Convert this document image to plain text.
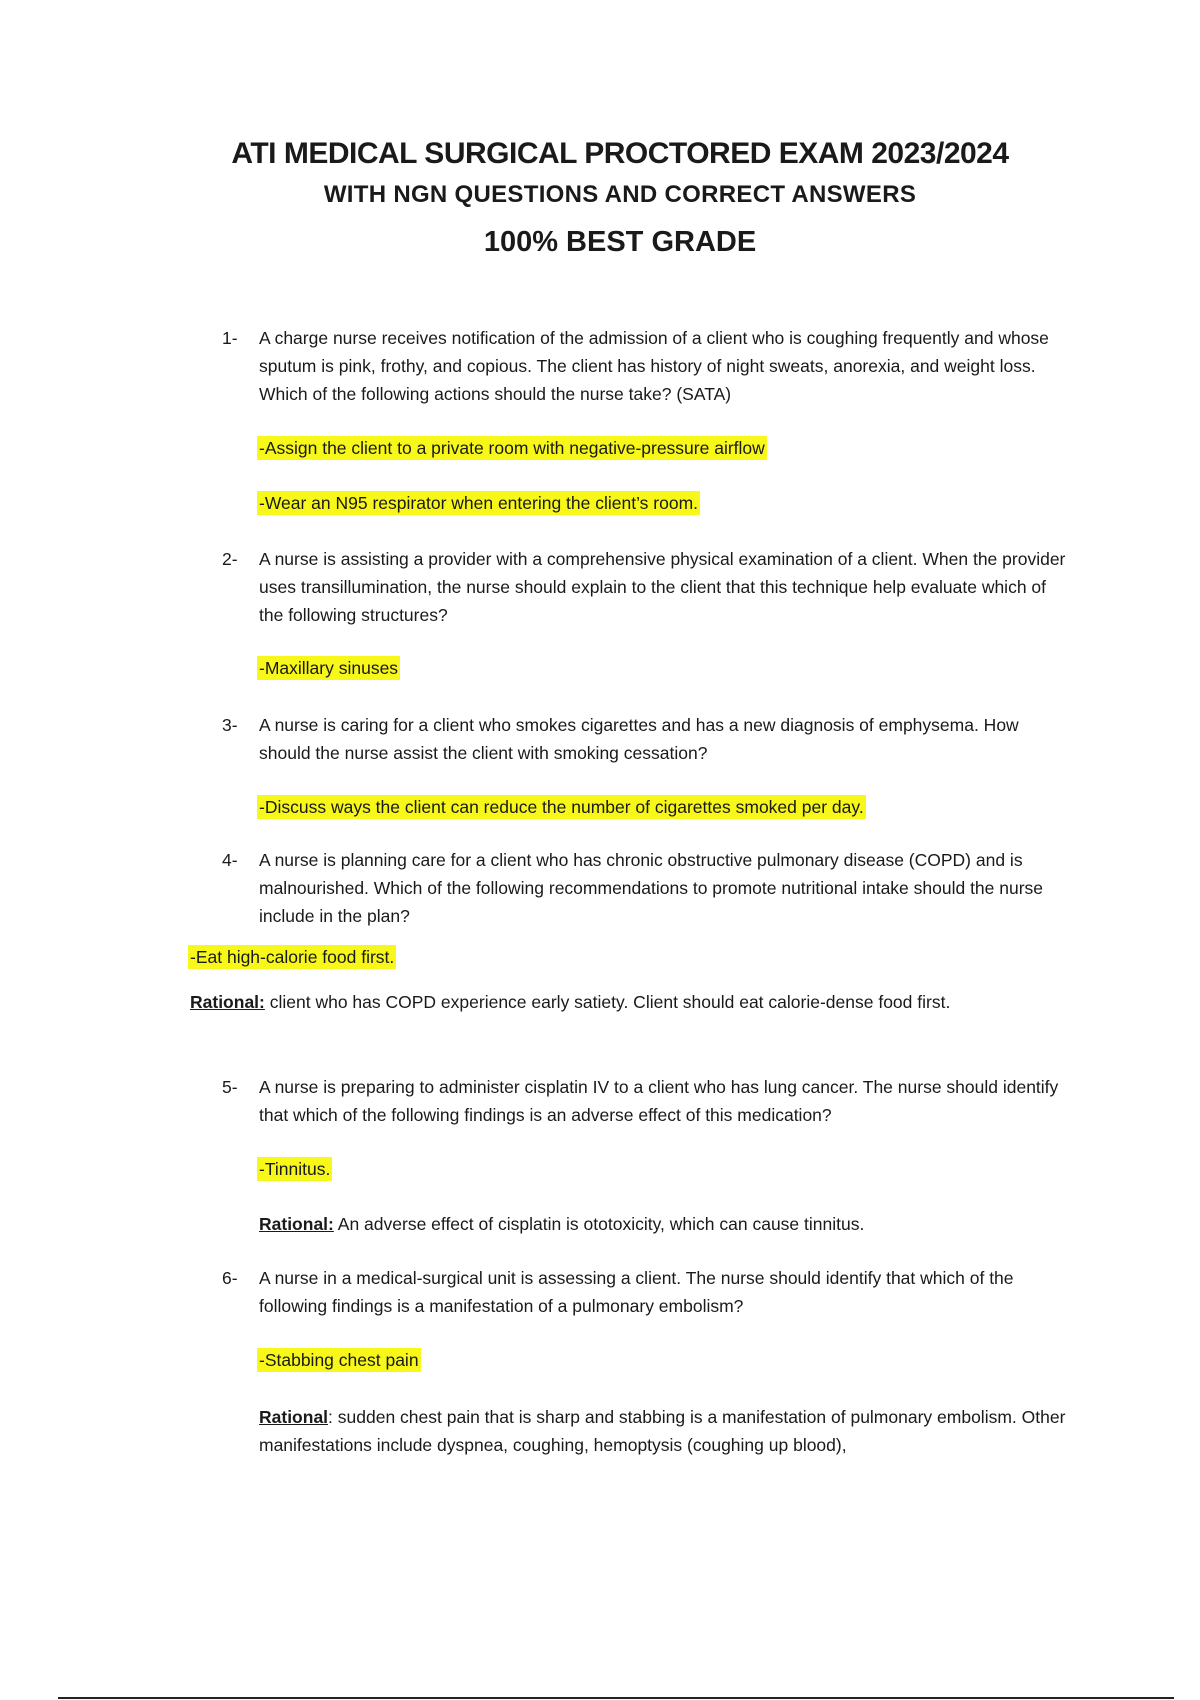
ATI MEDICAL SURGICAL PROCTORED EXAM 2023/2024
WITH NGN QUESTIONS AND CORRECT ANSWERS
100% BEST GRADE
1- A charge nurse receives notification of the admission of a client who is coughing frequently and whose sputum is pink, frothy, and copious. The client has history of night sweats, anorexia, and weight loss. Which of the following actions should the nurse take? (SATA)
-Assign the client to a private room with negative-pressure airflow
-Wear an N95 respirator when entering the client’s room.
2- A nurse is assisting a provider with a comprehensive physical examination of a client. When the provider uses transillumination, the nurse should explain to the client that this technique help evaluate which of the following structures?
-Maxillary sinuses
3- A nurse is caring for a client who smokes cigarettes and has a new diagnosis of emphysema. How should the nurse assist the client with smoking cessation?
-Discuss ways the client can reduce the number of cigarettes smoked per day.
4- A nurse is planning care for a client who has chronic obstructive pulmonary disease (COPD) and is malnourished. Which of the following recommendations to promote nutritional intake should the nurse include in the plan?
-Eat high-calorie food first.
Rational: client who has COPD experience early satiety. Client should eat calorie-dense food first.
5- A nurse is preparing to administer cisplatin IV to a client who has lung cancer. The nurse should identify that which of the following findings is an adverse effect of this medication?
-Tinnitus.
Rational: An adverse effect of cisplatin is ototoxicity, which can cause tinnitus.
6- A nurse in a medical-surgical unit is assessing a client. The nurse should identify that which of the following findings is a manifestation of a pulmonary embolism?
-Stabbing chest pain
Rational: sudden chest pain that is sharp and stabbing is a manifestation of pulmonary embolism. Other manifestations include dyspnea, coughing, hemoptysis (coughing up blood),
